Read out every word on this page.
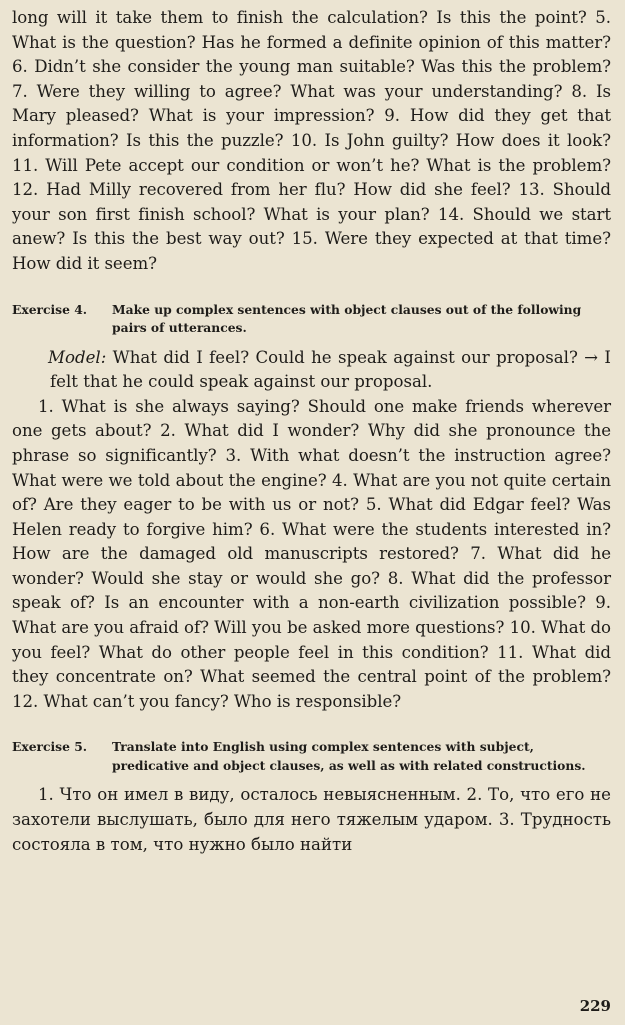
long will it take them to finish the calculation? Is this the point? 5. What is the question? Has he formed a definite opinion of this matter? 6. Didn’t she consider the young man suitable? Was this the problem? 7. Were they willing to agree? What was your understanding? 8. Is Mary pleased? What is your impression? 9. How did they get that information? Is this the puzzle? 10. Is John guilty? How does it look? 11. Will Pete accept our condition or won’t he? What is the problem? 12. Had Milly recovered from her flu? How did she feel? 13. Should your son first finish school? What is your plan? 14. Should we start anew? Is this the best way out? 15. Were they expected at that time? How did it seem?

Exercise 4. Make up complex sentences with object clauses out of the following pairs of utterances.

Model: What did I feel? Could he speak against our proposal? → I felt that he could speak against our proposal.

1. What is she always saying? Should one make friends wherever one gets about? 2. What did I wonder? Why did she pronounce the phrase so significantly? 3. With what doesn’t the instruction agree? What were we told about the engine? 4. What are you not quite certain of? Are they eager to be with us or not? 5. What did Edgar feel? Was Helen ready to forgive him? 6. What were the students interested in? How are the damaged old manuscripts restored? 7. What did he wonder? Would she stay or would she go? 8. What did the professor speak of? Is an encounter with a non-earth civilization possible? 9. What are you afraid of? Will you be asked more questions? 10. What do you feel? What do other people feel in this condition? 11. What did they concentrate on? What seemed the central point of the problem? 12. What can’t you fancy? Who is responsible?

Exercise 5. Translate into English using complex sentences with subject, predicative and object clauses, as well as with related constructions.

1. Что он имел в виду, осталось невыясненным. 2. То, что его не захотели выслушать, было для него тяжелым ударом. 3. Трудность состояла в том, что нужно было найти

229
